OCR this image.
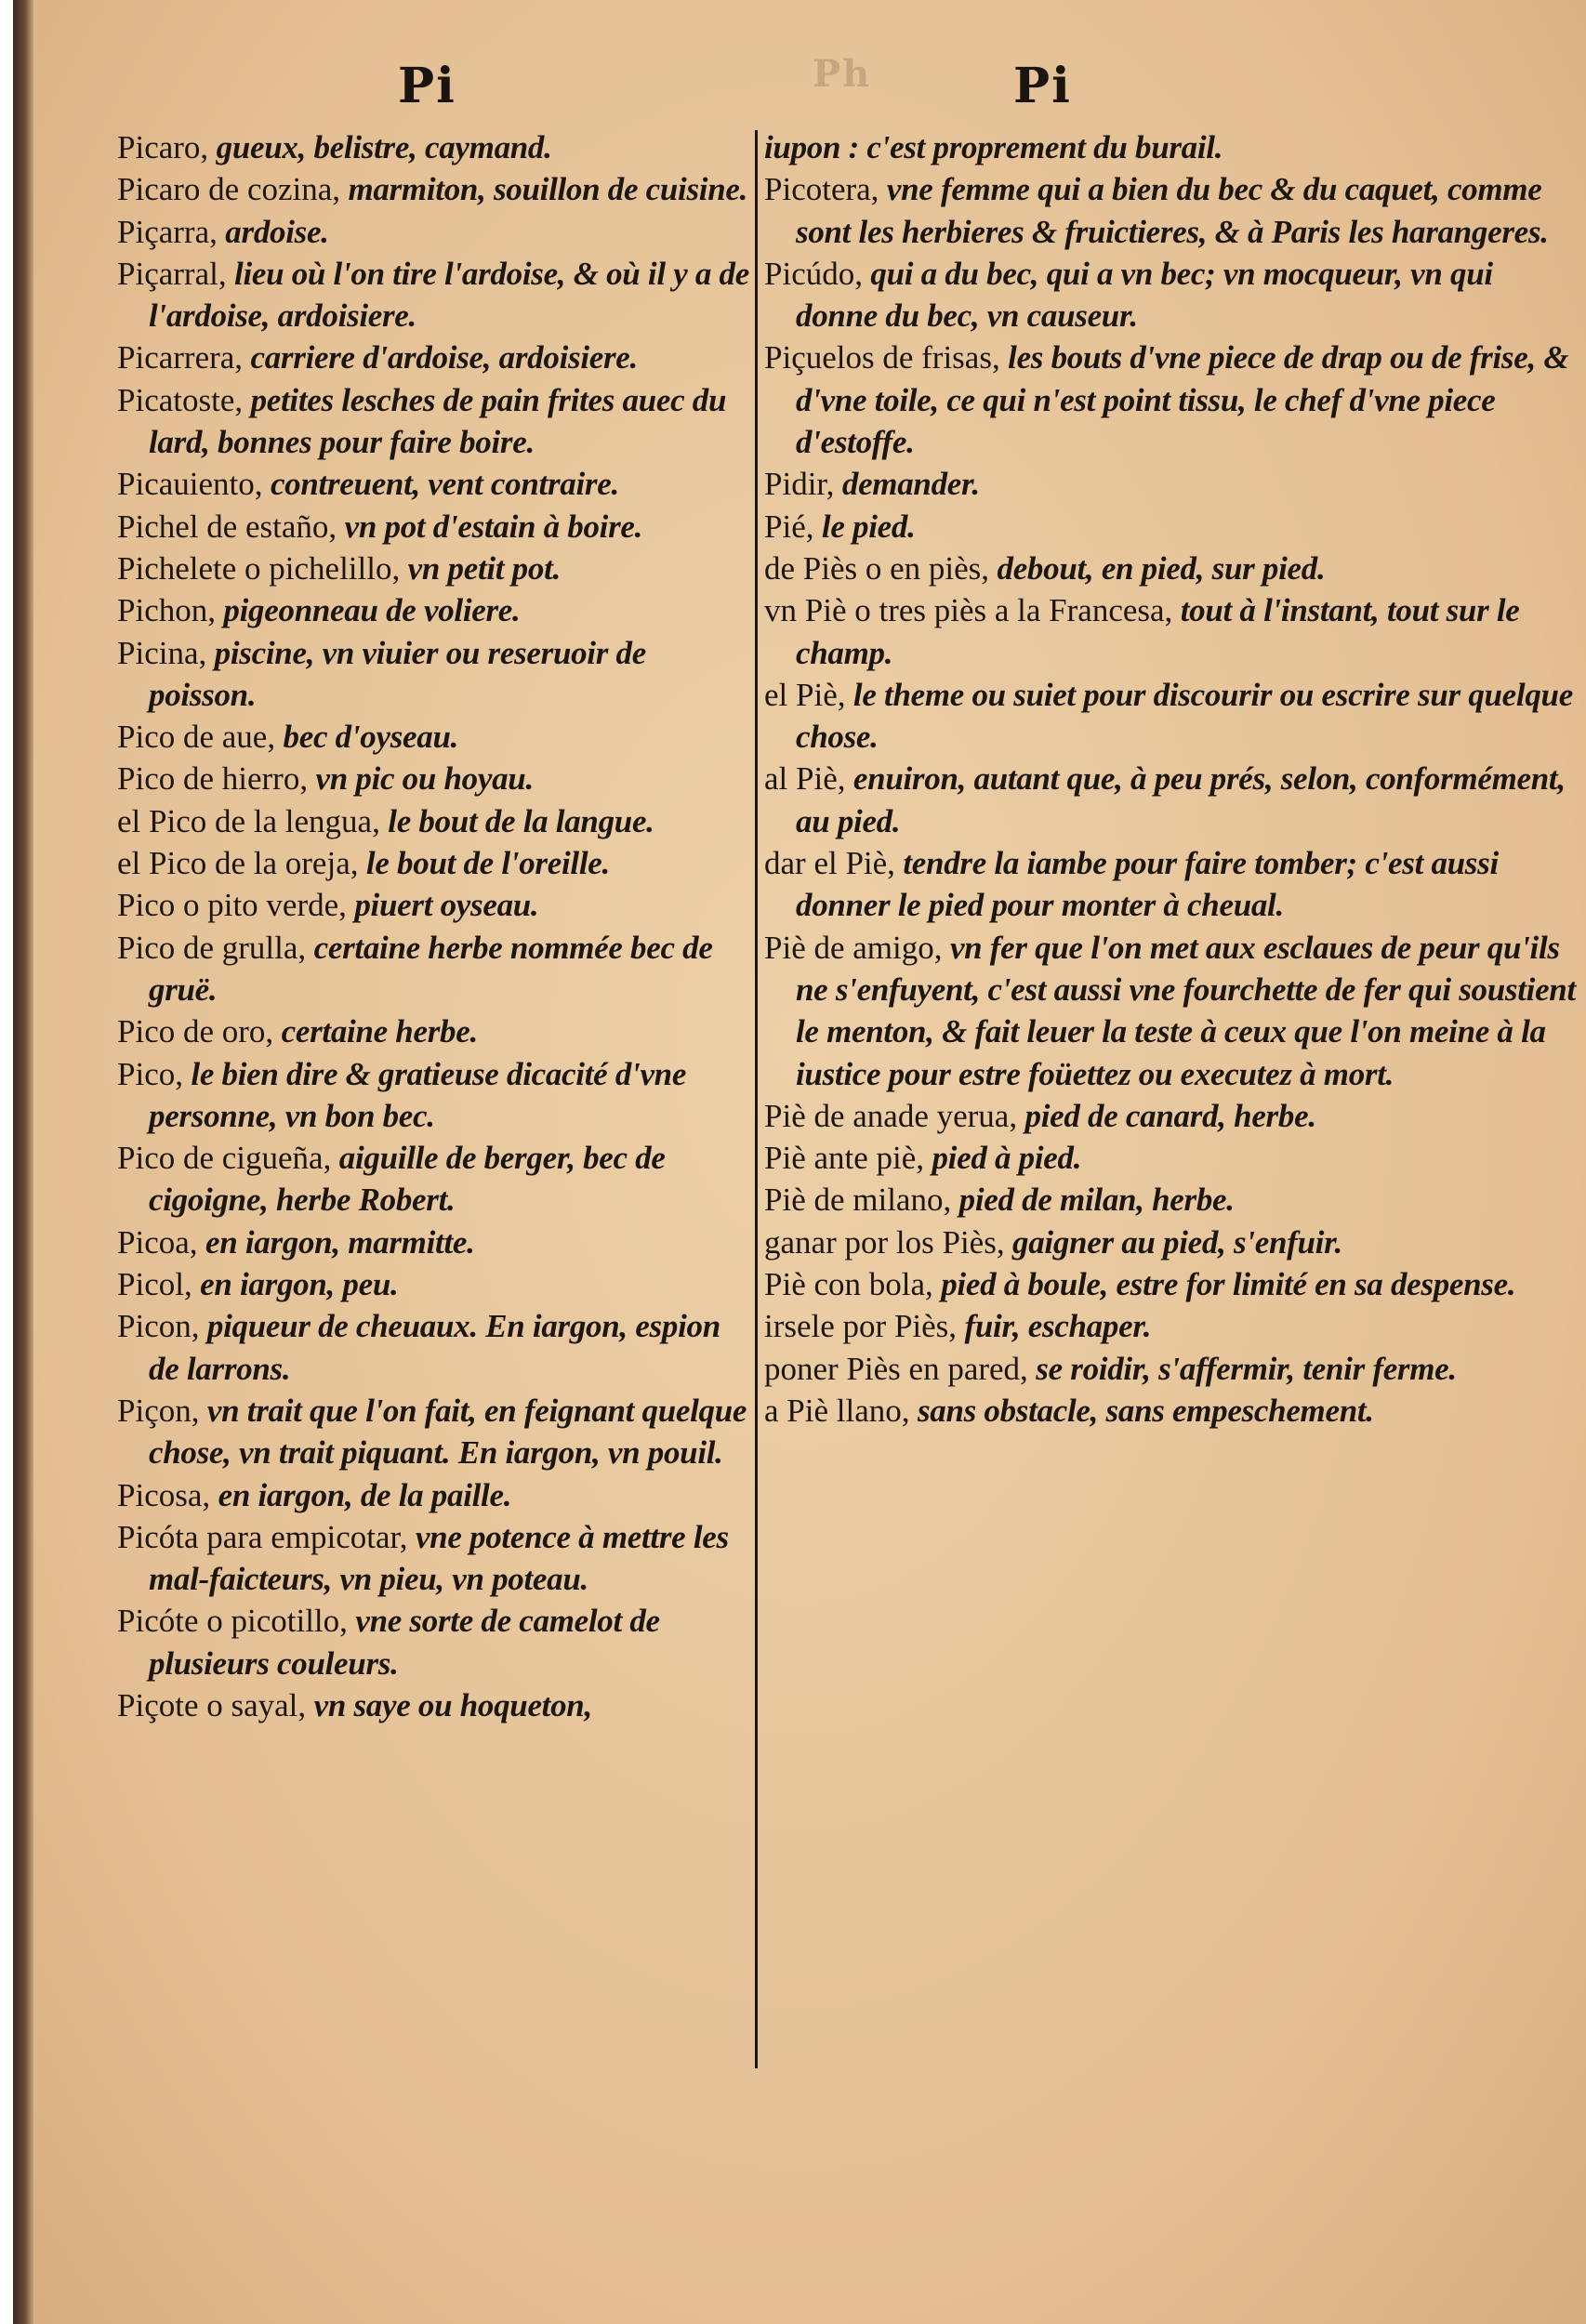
Pi	Ph	Pi

Picaro, gueux, belistre, caymand.

Picaro de cozina, marmiton, souillon de cuisine.

Piçarra, ardoise.

Piçarral, lieu où l'on tire l'ardoise, & où il y a de l'ardoise, ardoisiere.

Picarrera, carriere d'ardoise, ardoisiere.

Picatoste, petites lesches de pain frites auec du lard, bonnes pour faire boire.

Picauiento, contreuent, vent contraire.

Pichel de estaño, vn pot d'estain à boire.

Pichelete o pichelillo, vn petit pot.

Pichon, pigeonneau de voliere.

Picina, piscine, vn viuier ou reseruoir de poisson.

Pico de aue, bec d'oyseau.

Pico de hierro, vn pic ou hoyau.

el Pico de la lengua, le bout de la langue.

el Pico de la oreja, le bout de l'oreille.

Pico o pito verde, piuert oyseau.

Pico de grulla, certaine herbe nommée bec de gruë.

Pico de oro, certaine herbe.

Pico, le bien dire & gratieuse dicacité d'vne personne, vn bon bec.

Pico de cigueña, aiguille de berger, bec de cigoigne, herbe Robert.

Picoa, en iargon, marmitte.

Picol, en iargon, peu.

Picon, piqueur de cheuaux. En iargon, espion de larrons.

Piçon, vn trait que l'on fait, en feignant quelque chose, vn trait piquant. En iargon, vn pouil.

Picosa, en iargon, de la paille.

Picóta para empicotar, vne potence à mettre les mal-faicteurs, vn pieu, vn poteau.

Picóte o picotillo, vne sorte de camelot de plusieurs couleurs.

Piçote o sayal, vn saye ou hoqueton,

iupon : c'est proprement du burail.

Picotera, vne femme qui a bien du bec & du caquet, comme sont les herbieres & fruictieres, & à Paris les harangeres.

Picúdo, qui a du bec, qui a vn bec; vn mocqueur, vn qui donne du bec, vn causeur.

Piçuelos de frisas, les bouts d'vne piece de drap ou de frise, & d'vne toile, ce qui n'est point tissu, le chef d'vne piece d'estoffe.

Pidir, demander.

Pié, le pied.

de Piès o en piès, debout, en pied, sur pied.

vn Piè o tres piès a la Francesa, tout à l'instant, tout sur le champ.

el Piè, le theme ou suiet pour discourir ou escrire sur quelque chose.

al Piè, enuiron, autant que, à peu prés, selon, conformément, au pied.

dar el Piè, tendre la iambe pour faire tomber; c'est aussi donner le pied pour monter à cheual.

Piè de amigo, vn fer que l'on met aux esclaues de peur qu'ils ne s'enfuyent, c'est aussi vne fourchette de fer qui soustient le menton, & fait leuer la teste à ceux que l'on meine à la iustice pour estre foüettez ou executez à mort.

Piè de anade yerua, pied de canard, herbe.

Piè ante piè, pied à pied.

Piè de milano, pied de milan, herbe.

ganar por los Piès, gaigner au pied, s'enfuir.

Piè con bola, pied à boule, estre for limité en sa despense.

irsele por Piès, fuir, eschaper.

poner Piès en pared, se roidir, s'affermir, tenir ferme.

a Piè llano, sans obstacle, sans empeschement.
